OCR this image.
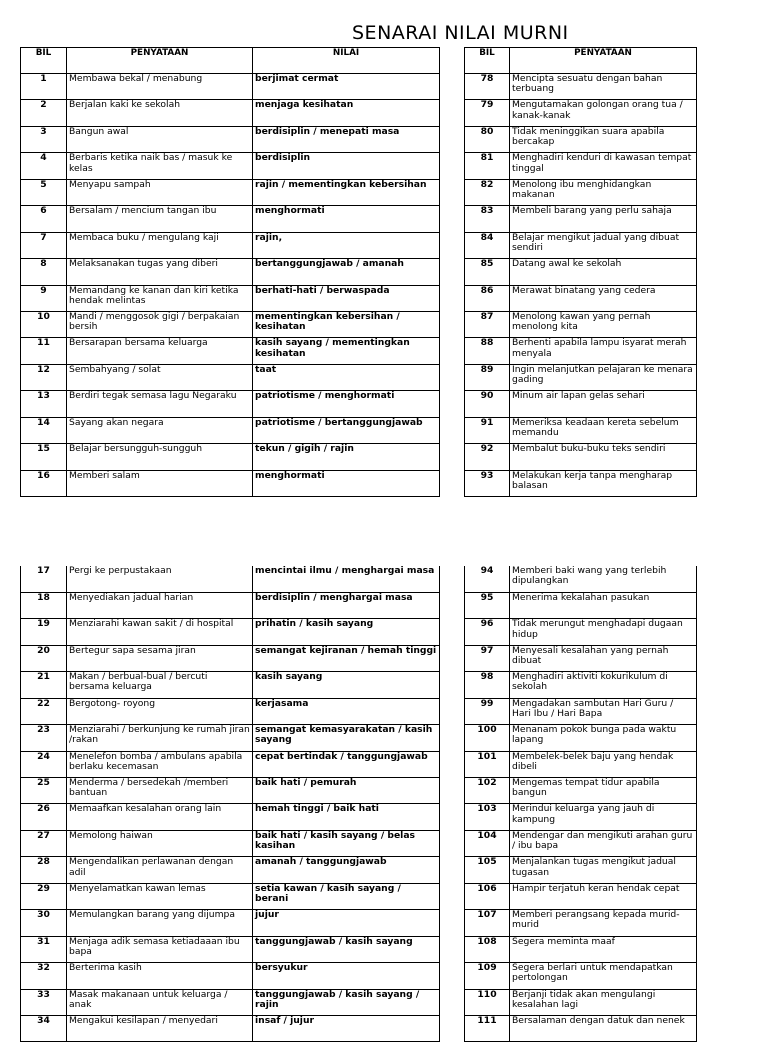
SENARAI NILAI MURNI
BIL	PENYATAAN	NILAI
1	Membawa bekal / menabung	berjimat cermat
2	Berjalan kaki ke sekolah	menjaga kesihatan
3	Bangun awal	berdisiplin / menepati masa
4	Berbaris ketika naik bas / masuk ke kelas	berdisiplin
5	Menyapu sampah	rajin / mementingkan kebersihan
6	Bersalam / mencium tangan ibu	menghormati
7	Membaca buku / mengulang kaji	rajin,
8	Melaksanakan tugas yang diberi	bertanggungjawab / amanah
9	Memandang ke kanan dan kiri ketika hendak melintas	berhati-hati / berwaspada
10	Mandi / menggosok gigi / berpakaian bersih	mementingkan kebersihan / kesihatan
11	Bersarapan bersama keluarga	kasih sayang / mementingkan kesihatan
12	Sembahyang / solat	taat
13	Berdiri tegak semasa lagu Negaraku	patriotisme / menghormati
14	Sayang akan negara	patriotisme / bertanggungjawab
15	Belajar bersungguh-sungguh	tekun / gigih / rajin
16	Memberi salam	menghormati
BIL	PENYATAAN
78	Mencipta sesuatu dengan bahan terbuang
79	Mengutamakan golongan orang tua / kanak-kanak
80	Tidak meninggikan suara apabila bercakap
81	Menghadiri kenduri di kawasan tempat tinggal
82	Menolong ibu menghidangkan makanan
83	Membeli barang yang perlu sahaja
84	Belajar mengikut jadual yang dibuat sendiri
85	Datang awal ke sekolah
86	Merawat binatang yang cedera
87	Menolong kawan yang pernah menolong kita
88	Berhenti apabila lampu isyarat merah menyala
89	Ingin melanjutkan pelajaran ke menara gading
90	Minum air lapan gelas sehari
91	Memeriksa keadaan kereta sebelum memandu
92	Membalut buku-buku teks sendiri
93	Melakukan kerja tanpa mengharap balasan
17	Pergi ke perpustakaan	mencintai ilmu / menghargai masa
18	Menyediakan jadual harian	berdisiplin / menghargai masa
19	Menziarahi kawan sakit / di hospital	prihatin / kasih sayang
20	Bertegur sapa sesama jiran	semangat kejiranan / hemah tinggi
21	Makan / berbual-bual / bercuti bersama keluarga	kasih sayang
22	Bergotong- royong	kerjasama
23	Menziarahi / berkunjung ke rumah jiran /rakan	semangat kemasyarakatan / kasih sayang
24	Menelefon bomba / ambulans apabila berlaku kecemasan	cepat bertindak / tanggungjawab
25	Menderma / bersedekah /memberi bantuan	baik hati / pemurah
26	Memaafkan kesalahan orang lain	hemah tinggi / baik hati
27	Memolong haiwan	baik hati / kasih sayang / belas kasihan
28	Mengendalikan perlawanan dengan adil	amanah / tanggungjawab
29	Menyelamatkan kawan lemas	setia kawan / kasih sayang / berani
30	Memulangkan barang yang dijumpa	jujur
31	Menjaga adik semasa ketiadaaan ibu bapa	tanggungjawab / kasih sayang
32	Berterima kasih	bersyukur
33	Masak makanaan untuk keluarga / anak	tanggungjawab / kasih sayang / rajin
34	Mengakui kesilapan / menyedari	insaf / jujur
94	Memberi baki wang yang terlebih dipulangkan
95	Menerima kekalahan pasukan
96	Tidak merungut menghadapi dugaan hidup
97	Menyesali kesalahan yang pernah dibuat
98	Menghadiri aktiviti kokurikulum di sekolah
99	Mengadakan sambutan Hari Guru / Hari Ibu / Hari Bapa
100	Menanam pokok bunga pada waktu lapang
101	Membelek-belek baju yang hendak dibeli
102	Mengemas tempat tidur apabila bangun
103	Merindui keluarga yang jauh di kampung
104	Mendengar dan mengikuti arahan guru / ibu bapa
105	Menjalankan tugas mengikut jadual tugasan
106	Hampir terjatuh keran hendak cepat
107	Memberi perangsang kepada murid-murid
108	Segera meminta maaf
109	Segera berlari untuk mendapatkan pertolongan
110	Berjanji tidak akan mengulangi kesalahan lagi
111	Bersalaman dengan datuk dan nenek
